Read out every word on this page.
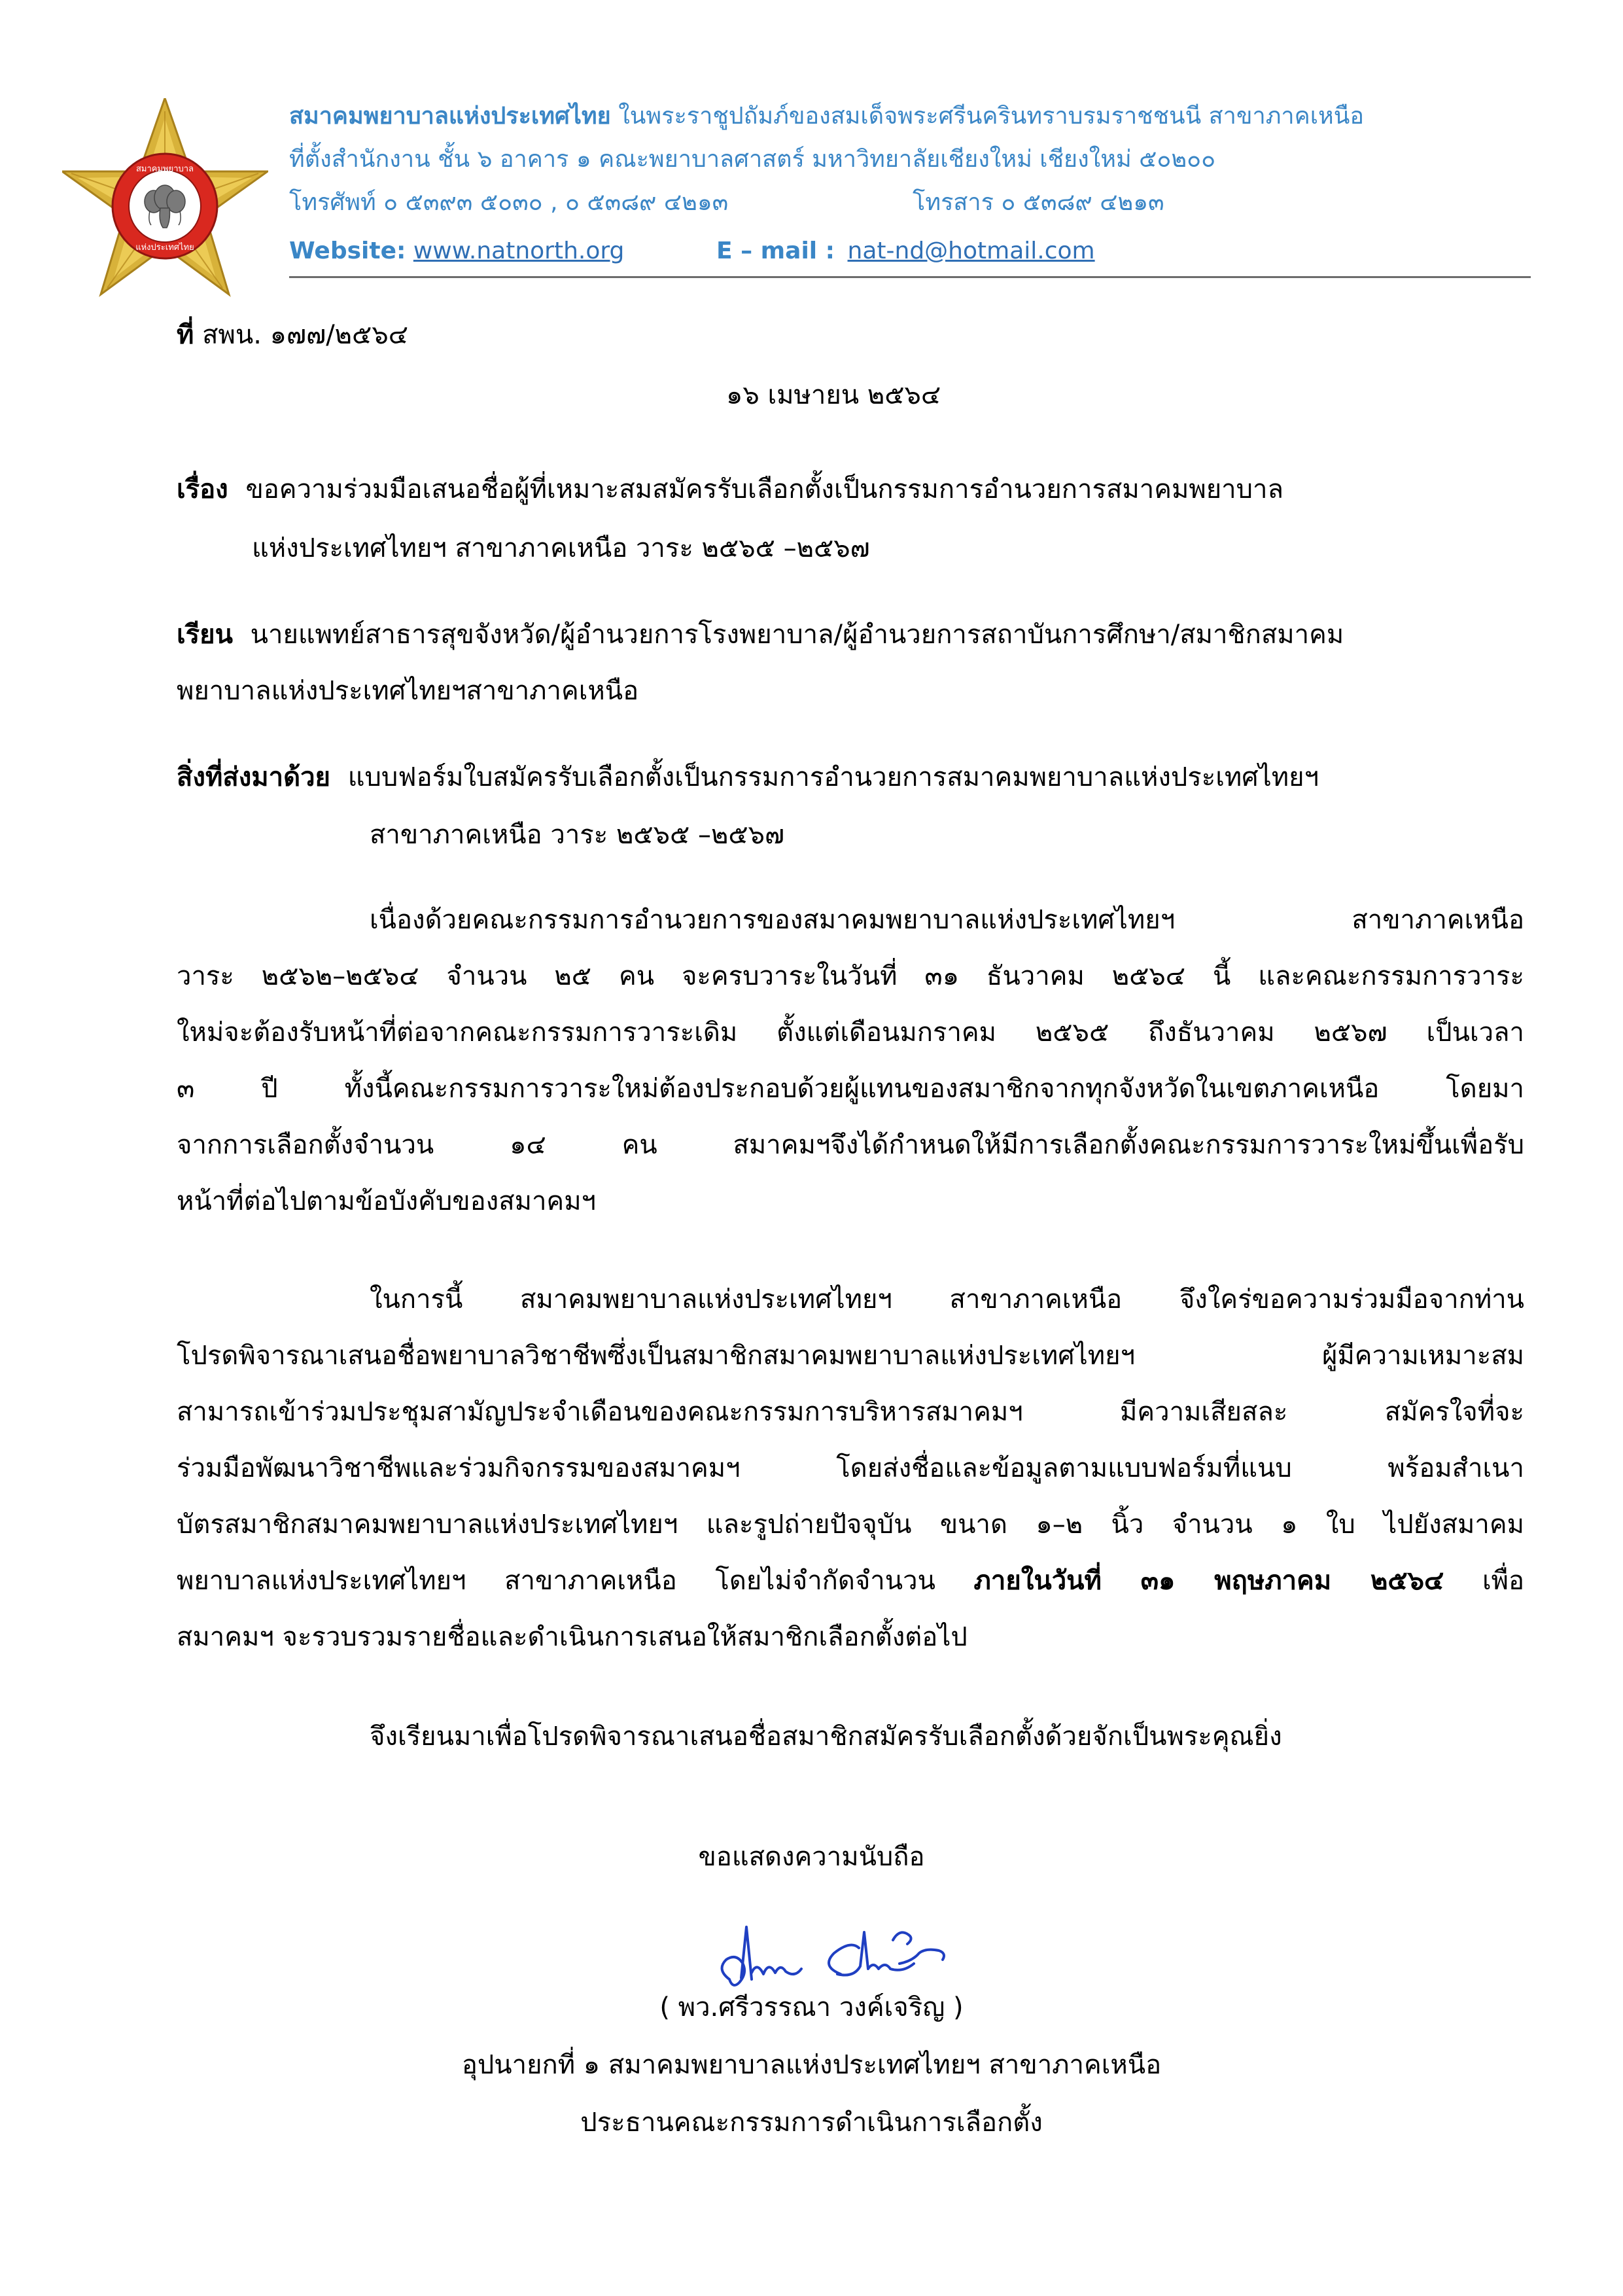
สมาคมพยาบาล
แห่งประเทศไทย
สมาคมพยาบาลแห่งประเทศไทย ในพระราชูปถัมภ์ของสมเด็จพระศรีนครินทราบรมราชชนนี สาขาภาคเหนือ
ที่ตั้งสำนักงาน ชั้น ๖ อาคาร ๑ คณะพยาบาลศาสตร์ มหาวิทยาลัยเชียงใหม่ เชียงใหม่ ๕๐๒๐๐
โทรศัพท์ ๐ ๕๓๙๓ ๕๐๓๐ , ๐ ๕๓๘๙ ๔๒๑๓	โทรสาร ๐ ๕๓๘๙ ๔๒๑๓
Website: www.natnorth.org	E – mail : nat-nd@hotmail.com
ที่ สพน. ๑๗๗/๒๕๖๔
๑๖ เมษายน ๒๕๖๔
เรื่อง ขอความร่วมมือเสนอชื่อผู้ที่เหมาะสมสมัครรับเลือกตั้งเป็นกรรมการอำนวยการสมาคมพยาบาล
แห่งประเทศไทยฯ สาขาภาคเหนือ วาระ ๒๕๖๕ –๒๕๖๗
เรียน นายแพทย์สาธารสุขจังหวัด/ผู้อำนวยการโรงพยาบาล/ผู้อำนวยการสถาบันการศึกษา/สมาชิกสมาคม
พยาบาลแห่งประเทศไทยฯสาขาภาคเหนือ
สิ่งที่ส่งมาด้วย แบบฟอร์มใบสมัครรับเลือกตั้งเป็นกรรมการอำนวยการสมาคมพยาบาลแห่งประเทศไทยฯ
สาขาภาคเหนือ วาระ ๒๕๖๕ –๒๕๖๗
เนื่องด้วยคณะกรรมการอำนวยการของสมาคมพยาบาลแห่งประเทศไทยฯ สาขาภาคเหนือ
วาระ ๒๕๖๒–๒๕๖๔ จำนวน ๒๕ คน จะครบวาระในวันที่ ๓๑ ธันวาคม ๒๕๖๔ นี้ และคณะกรรมการวาระ
ใหม่จะต้องรับหน้าที่ต่อจากคณะกรรมการวาระเดิม ตั้งแต่เดือนมกราคม ๒๕๖๕ ถึงธันวาคม ๒๕๖๗ เป็นเวลา
๓ ปี ทั้งนี้คณะกรรมการวาระใหม่ต้องประกอบด้วยผู้แทนของสมาชิกจากทุกจังหวัดในเขตภาคเหนือ โดยมา
จากการเลือกตั้งจำนวน ๑๔ คน สมาคมฯจึงได้กำหนดให้มีการเลือกตั้งคณะกรรมการวาระใหม่ขึ้นเพื่อรับ
หน้าที่ต่อไปตามข้อบังคับของสมาคมฯ
ในการนี้ สมาคมพยาบาลแห่งประเทศไทยฯ สาขาภาคเหนือ จึงใคร่ขอความร่วมมือจากท่าน
โปรดพิจารณาเสนอชื่อพยาบาลวิชาชีพซึ่งเป็นสมาชิกสมาคมพยาบาลแห่งประเทศไทยฯ ผู้มีความเหมาะสม
สามารถเข้าร่วมประชุมสามัญประจำเดือนของคณะกรรมการบริหารสมาคมฯ มีความเสียสละ สมัครใจที่จะ
ร่วมมือพัฒนาวิชาชีพและร่วมกิจกรรมของสมาคมฯ โดยส่งชื่อและข้อมูลตามแบบฟอร์มที่แนบ พร้อมสำเนา
บัตรสมาชิกสมาคมพยาบาลแห่งประเทศไทยฯ และรูปถ่ายปัจจุบัน ขนาด ๑–๒ นิ้ว จำนวน ๑ ใบ ไปยังสมาคม
พยาบาลแห่งประเทศไทยฯ สาขาภาคเหนือ โดยไม่จำกัดจำนวน ภายในวันที่ ๓๑ พฤษภาคม ๒๕๖๔ เพื่อ
สมาคมฯ จะรวบรวมรายชื่อและดำเนินการเสนอให้สมาชิกเลือกตั้งต่อไป
จึงเรียนมาเพื่อโปรดพิจารณาเสนอชื่อสมาชิกสมัครรับเลือกตั้งด้วยจักเป็นพระคุณยิ่ง
ขอแสดงความนับถือ
( พว.ศรีวรรณา วงค์เจริญ )
อุปนายกที่ ๑ สมาคมพยาบาลแห่งประเทศไทยฯ สาขาภาคเหนือ
ประธานคณะกรรมการดำเนินการเลือกตั้ง
